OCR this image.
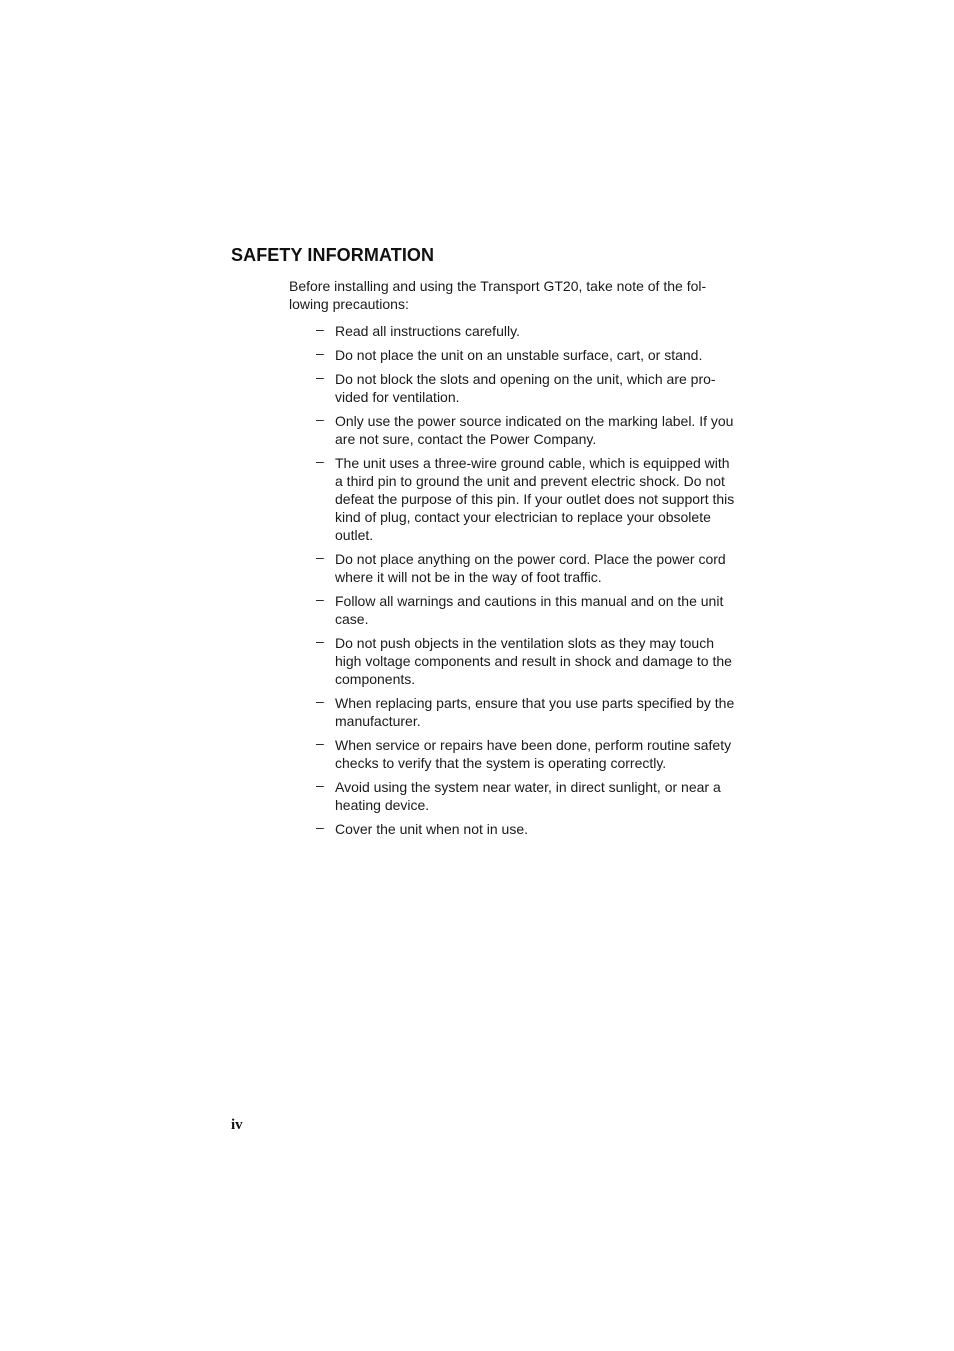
SAFETY INFORMATION

Before installing and using the Transport GT20, take note of the fol-
lowing precautions:

– Read all instructions carefully.
– Do not place the unit on an unstable surface, cart, or stand.
– Do not block the slots and opening on the unit, which are pro-vided for ventilation.
– Only use the power source indicated on the marking label. If you are not sure, contact the Power Company.
– The unit uses a three-wire ground cable, which is equipped with a third pin to ground the unit and prevent electric shock. Do not defeat the purpose of this pin. If your outlet does not support this kind of plug, contact your electrician to replace your obsolete outlet.
– Do not place anything on the power cord. Place the power cord where it will not be in the way of foot traffic.
– Follow all warnings and cautions in this manual and on the unit case.
– Do not push objects in the ventilation slots as they may touch high voltage components and result in shock and damage to the components.
– When replacing parts, ensure that you use parts specified by the manufacturer.
– When service or repairs have been done, perform routine safety checks to verify that the system is operating correctly.
– Avoid using the system near water, in direct sunlight, or near a heating device.
– Cover the unit when not in use.
iv
